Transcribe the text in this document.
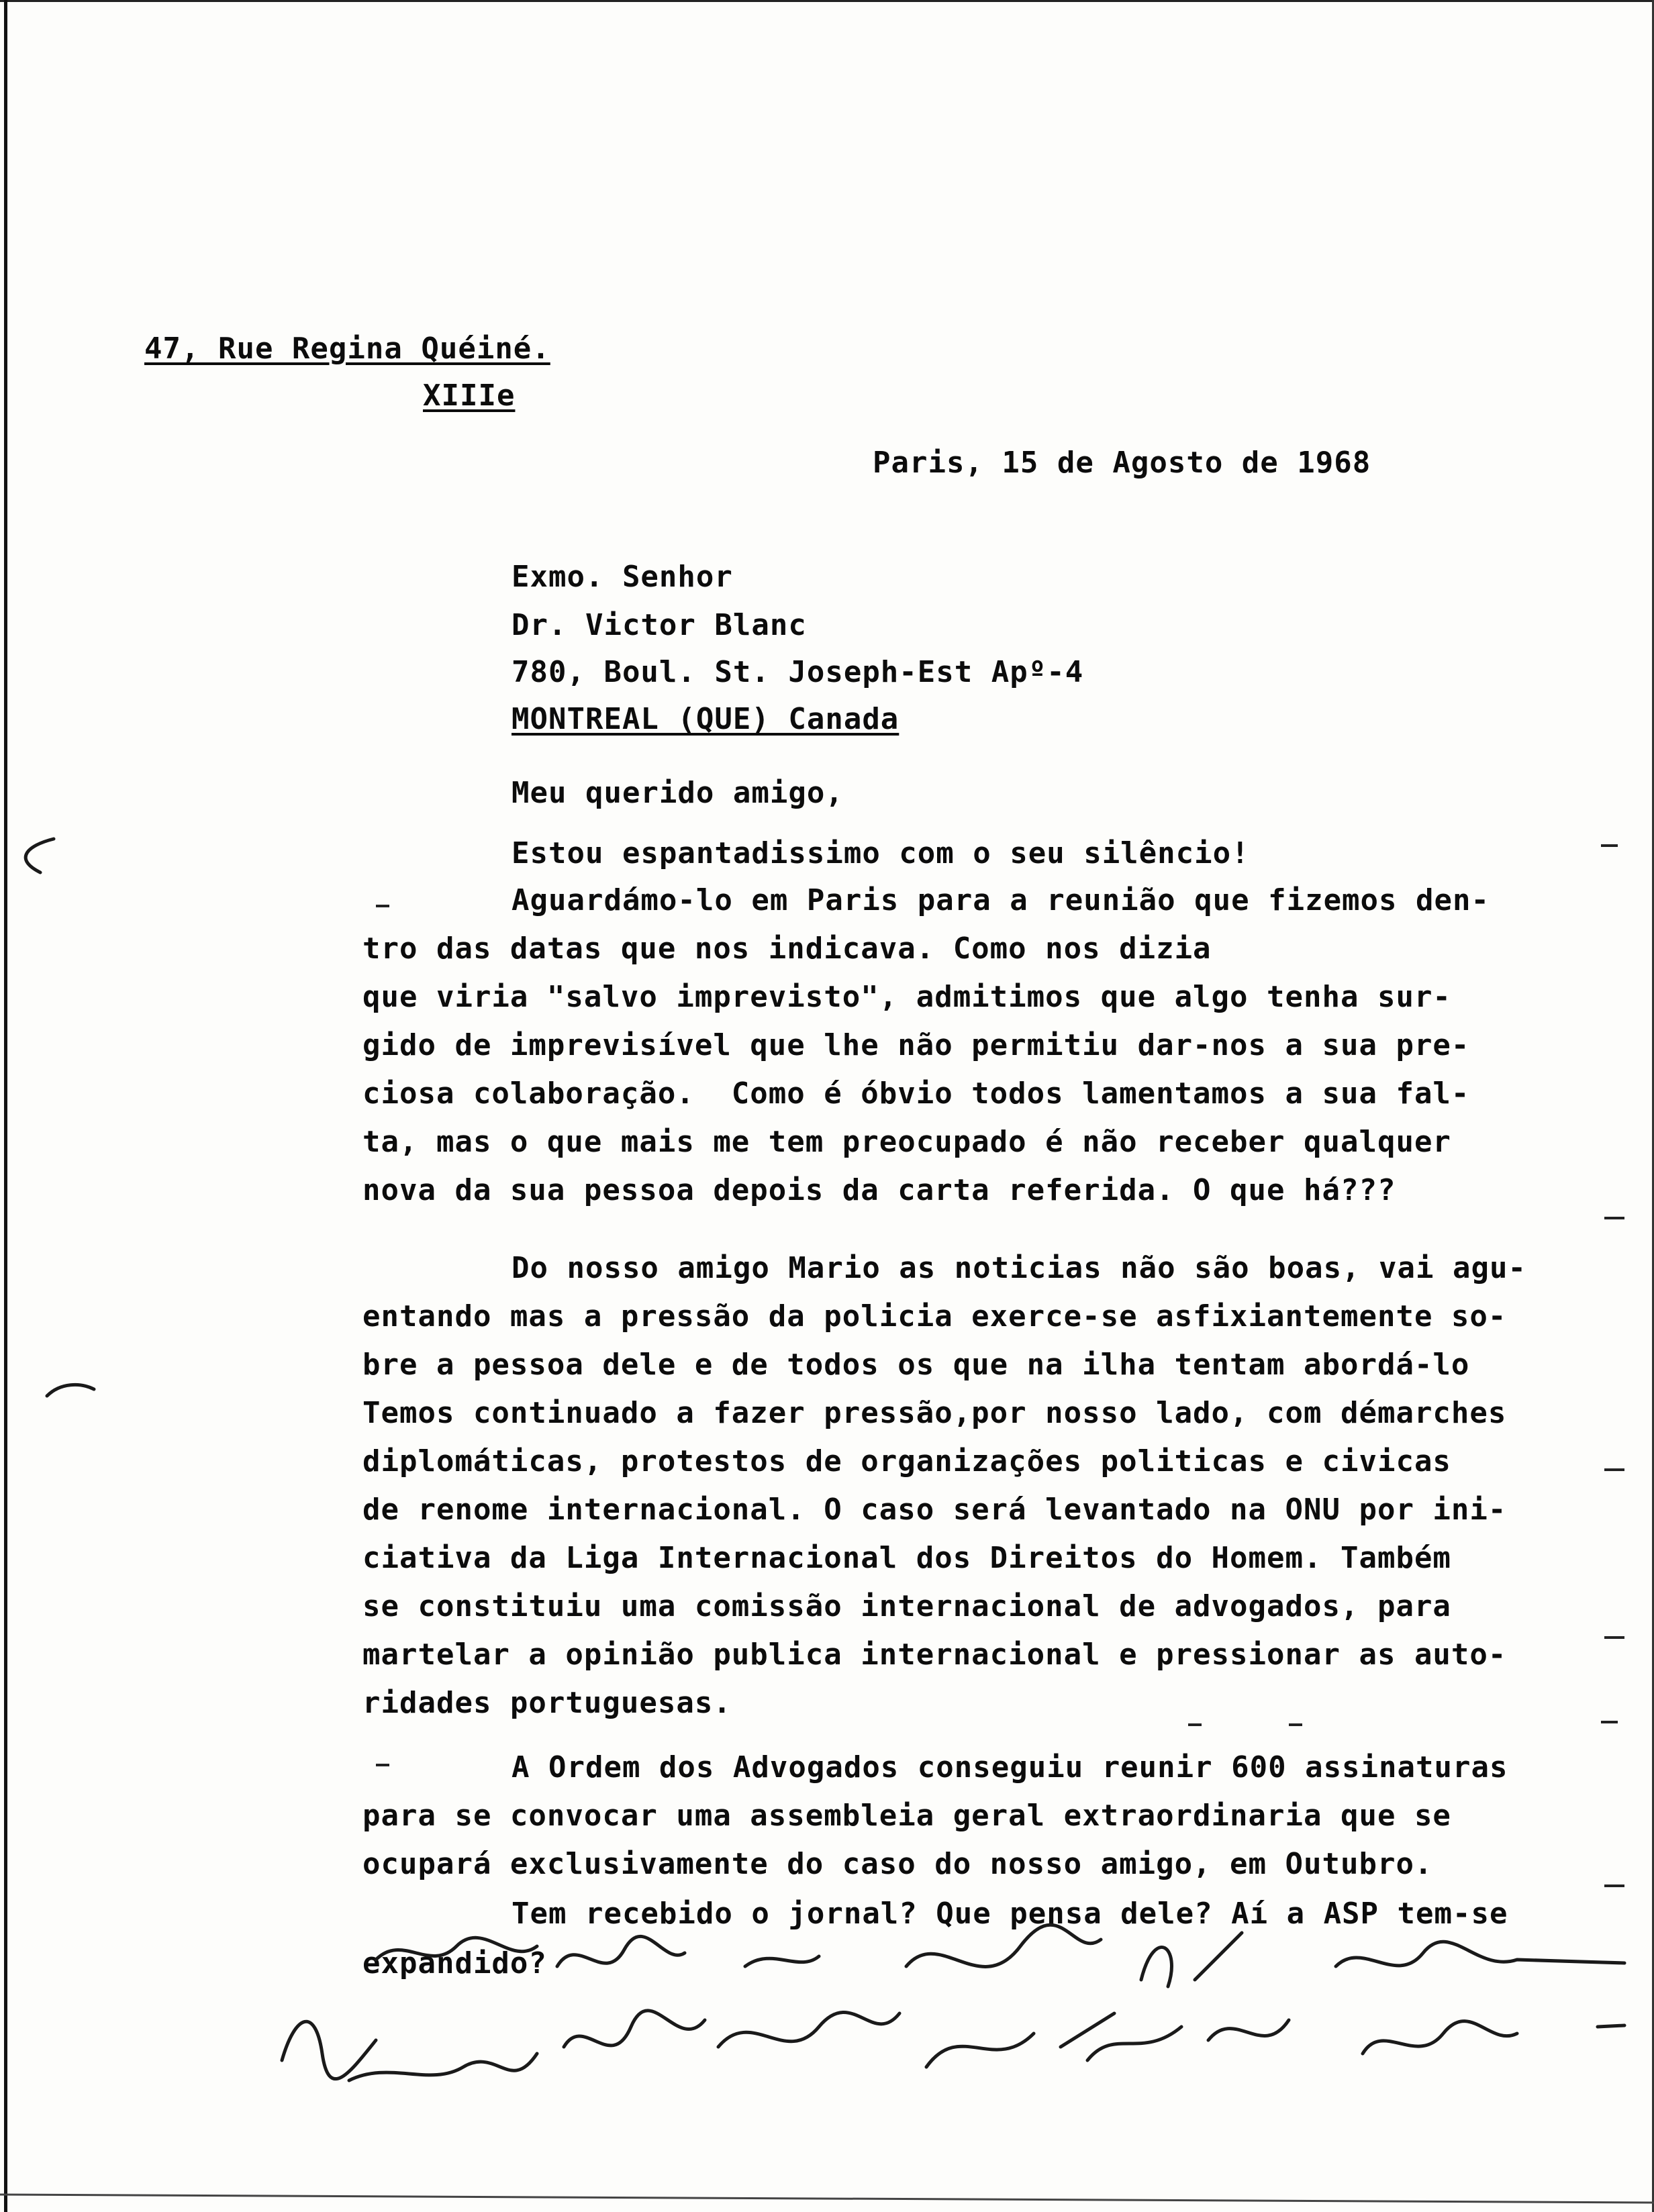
47, Rue Regina Quéiné.
XIIIe
Paris, 15 de Agosto de 1968
Exmo. Senhor
Dr. Victor Blanc
780, Boul. St. Joseph-Est Apº-4
MONTREAL (QUE) Canada
Meu querido amigo,
Estou espantadissimo com o seu silêncio!
Aguardámo-lo em Paris para a reunião que fizemos den-
tro das datas que nos indicava. Como nos dizia
que viria "salvo imprevisto", admitimos que algo tenha sur-
gido de imprevisível que lhe não permitiu dar-nos a sua pre-
ciosa colaboração.  Como é óbvio todos lamentamos a sua fal-
ta, mas o que mais me tem preocupado é não receber qualquer
nova da sua pessoa depois da carta referida. O que há???
Do nosso amigo Mario as noticias não são boas, vai agu-
entando mas a pressão da policia exerce-se asfixiantemente so-
bre a pessoa dele e de todos os que na ilha tentam abordá-lo
Temos continuado a fazer pressão,por nosso lado, com démarches
diplomáticas, protestos de organizações politicas e civicas
de renome internacional. O caso será levantado na ONU por ini-
ciativa da Liga Internacional dos Direitos do Homem. Também
se constituiu uma comissão internacional de advogados, para
martelar a opinião publica internacional e pressionar as auto-
ridades portuguesas.
A Ordem dos Advogados conseguiu reunir 600 assinaturas
para se convocar uma assembleia geral extraordinaria que se
ocupará exclusivamente do caso do nosso amigo, em Outubro.
Tem recebido o jornal? Que pensa dele? Aí a ASP tem-se
expandido?
